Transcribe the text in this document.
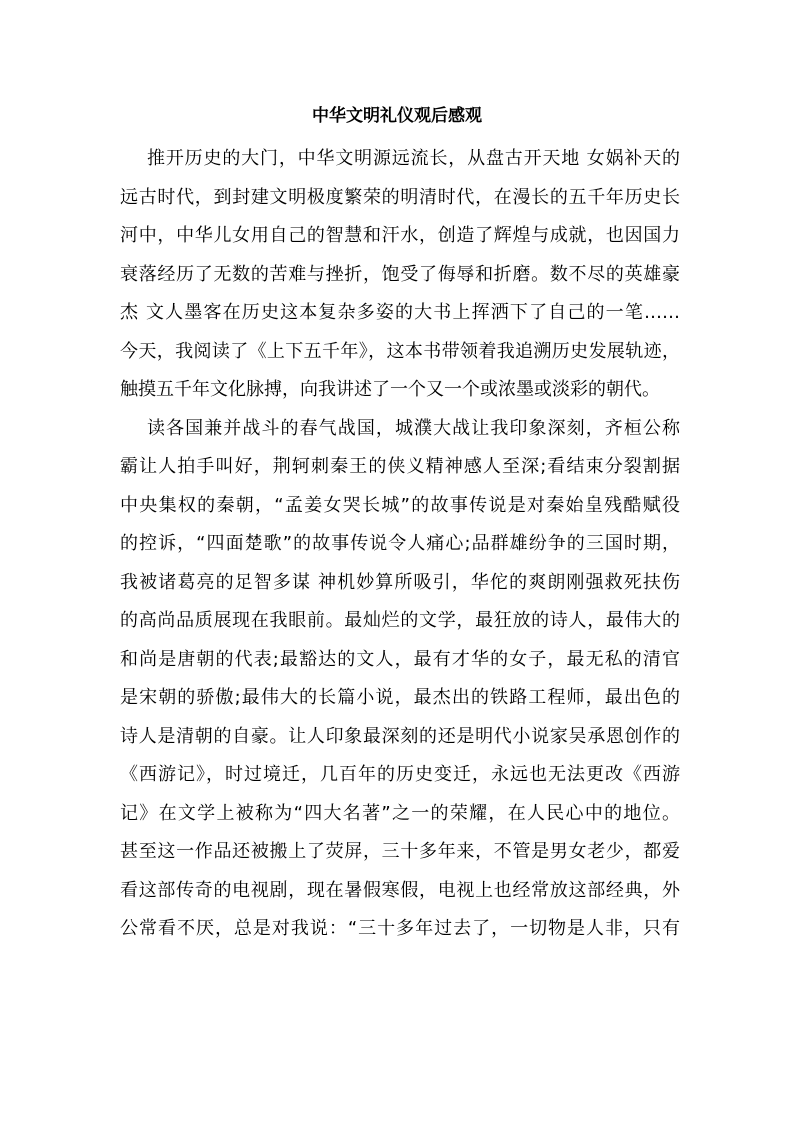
中华文明礼仪观后感观
推开历史的大门，中华文明源远流长，从盘古开天地 女娲补天的
远古时代，到封建文明极度繁荣的明清时代，在漫长的五千年历史长
河中，中华儿女用自己的智慧和汗水，创造了辉煌与成就，也因国力
衰落经历了无数的苦难与挫折，饱受了侮辱和折磨。数不尽的英雄豪
杰 文人墨客在历史这本复杂多姿的大书上挥洒下了自己的一笔……
今天，我阅读了《上下五千年》，这本书带领着我追溯历史发展轨迹，
触摸五千年文化脉搏，向我讲述了一个又一个或浓墨或淡彩的朝代。
读各国兼并战斗的春气战国，城濮大战让我印象深刻，齐桓公称
霸让人拍手叫好，荆轲刺秦王的侠义精神感人至深;看结束分裂割据
中央集权的秦朝，“孟姜女哭长城”的故事传说是对秦始皇残酷赋役
的控诉，“四面楚歌”的故事传说令人痛心;品群雄纷争的三国时期，
我被诸葛亮的足智多谋 神机妙算所吸引，华佗的爽朗刚强救死扶伤
的高尚品质展现在我眼前。最灿烂的文学，最狂放的诗人，最伟大的
和尚是唐朝的代表;最豁达的文人，最有才华的女子，最无私的清官
是宋朝的骄傲;最伟大的长篇小说，最杰出的铁路工程师，最出色的
诗人是清朝的自豪。让人印象最深刻的还是明代小说家吴承恩创作的
《西游记》，时过境迁，几百年的历史变迁，永远也无法更改《西游
记》在文学上被称为“四大名著”之一的荣耀，在人民心中的地位。
甚至这一作品还被搬上了荧屏，三十多年来，不管是男女老少，都爱
看这部传奇的电视剧，现在暑假寒假，电视上也经常放这部经典，外
公常看不厌，总是对我说：“三十多年过去了，一切物是人非，只有
